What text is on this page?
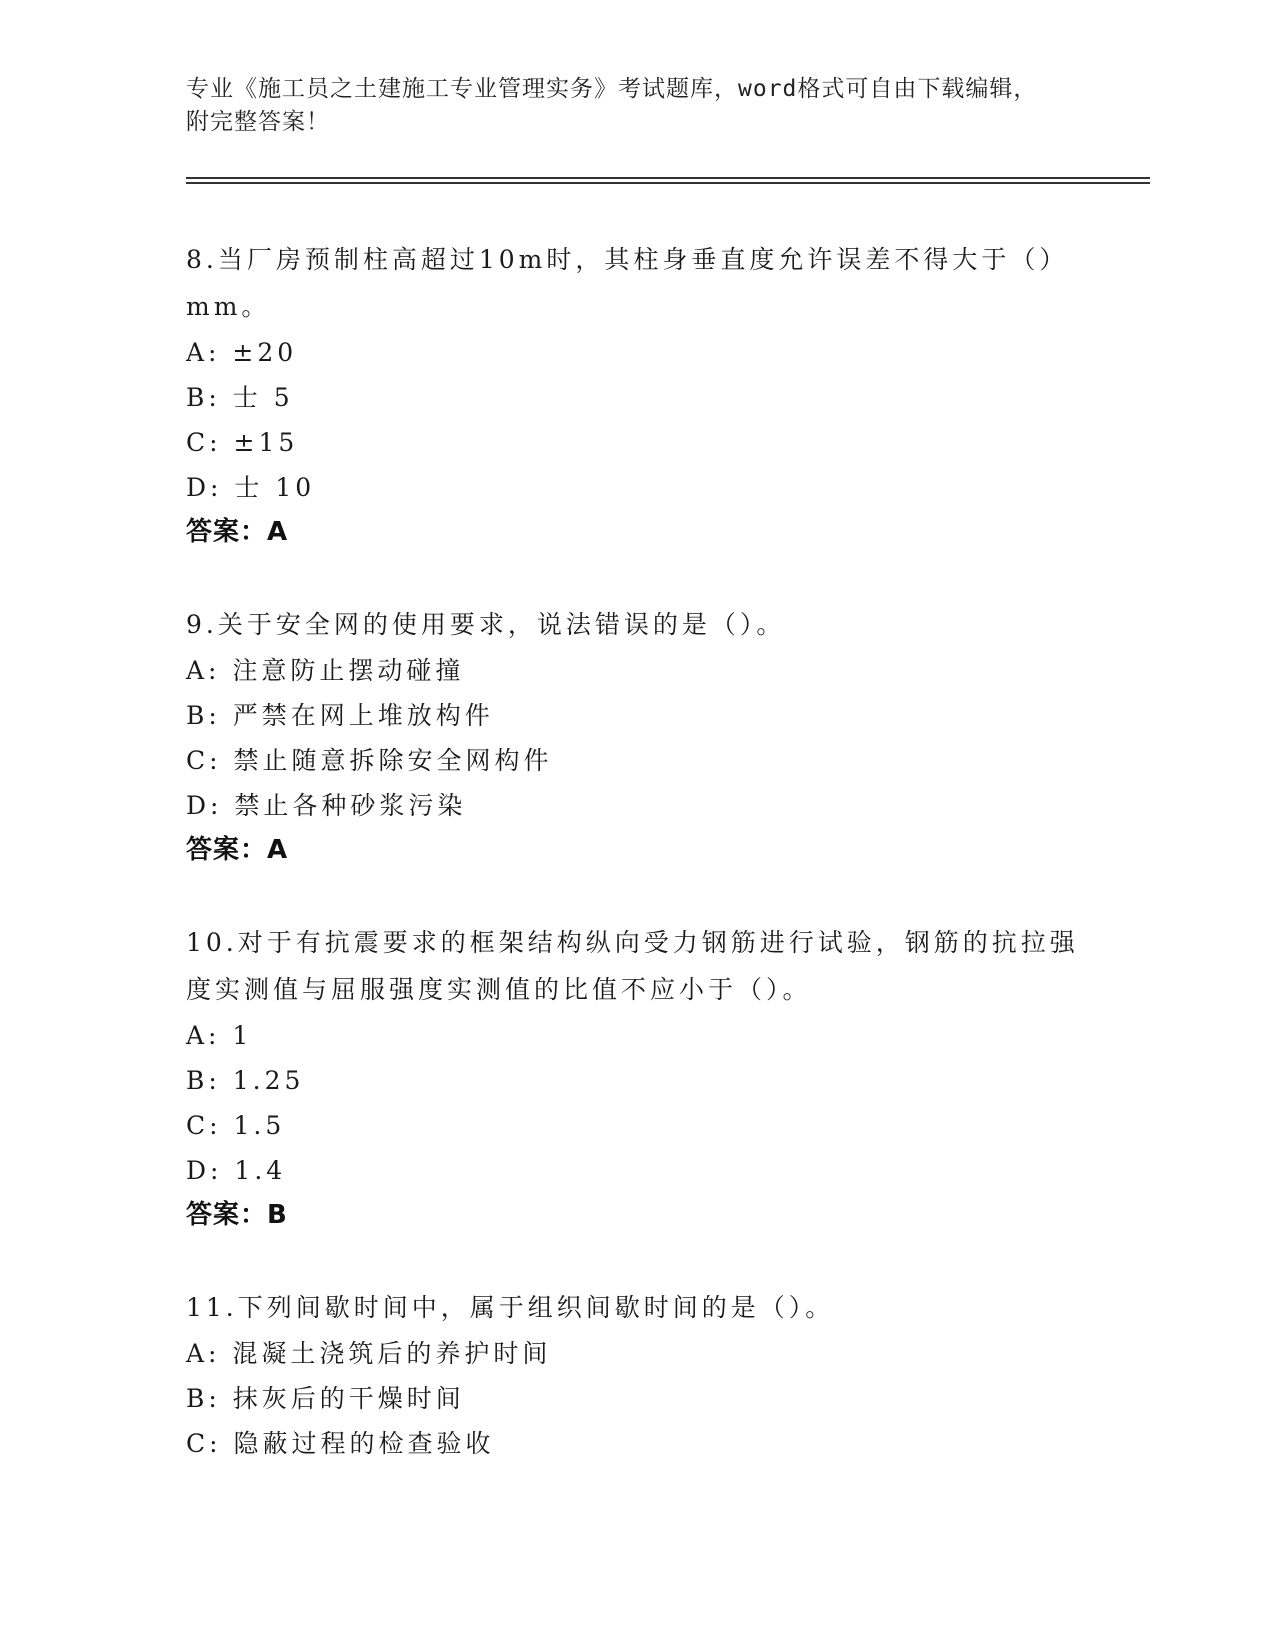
专业《施工员之土建施工专业管理实务》考试题库，word格式可自由下载编辑，
附完整答案！
8.当厂房预制柱高超过10m时，其柱身垂直度允许误差不得大于（）
mm。
A: ±20
B: 士 5
C: ±15
D: 士 10
答案：A
9.关于安全网的使用要求，说法错误的是（）。
A: 注意防止摆动碰撞
B: 严禁在网上堆放构件
C: 禁止随意拆除安全网构件
D: 禁止各种砂浆污染
答案：A
10.对于有抗震要求的框架结构纵向受力钢筋进行试验，钢筋的抗拉强
度实测值与屈服强度实测值的比值不应小于（）。
A: 1
B: 1.25
C: 1.5
D: 1.4
答案：B
11.下列间歇时间中，属于组织间歇时间的是（）。
A: 混凝土浇筑后的养护时间
B: 抹灰后的干燥时间
C: 隐蔽过程的检查验收
